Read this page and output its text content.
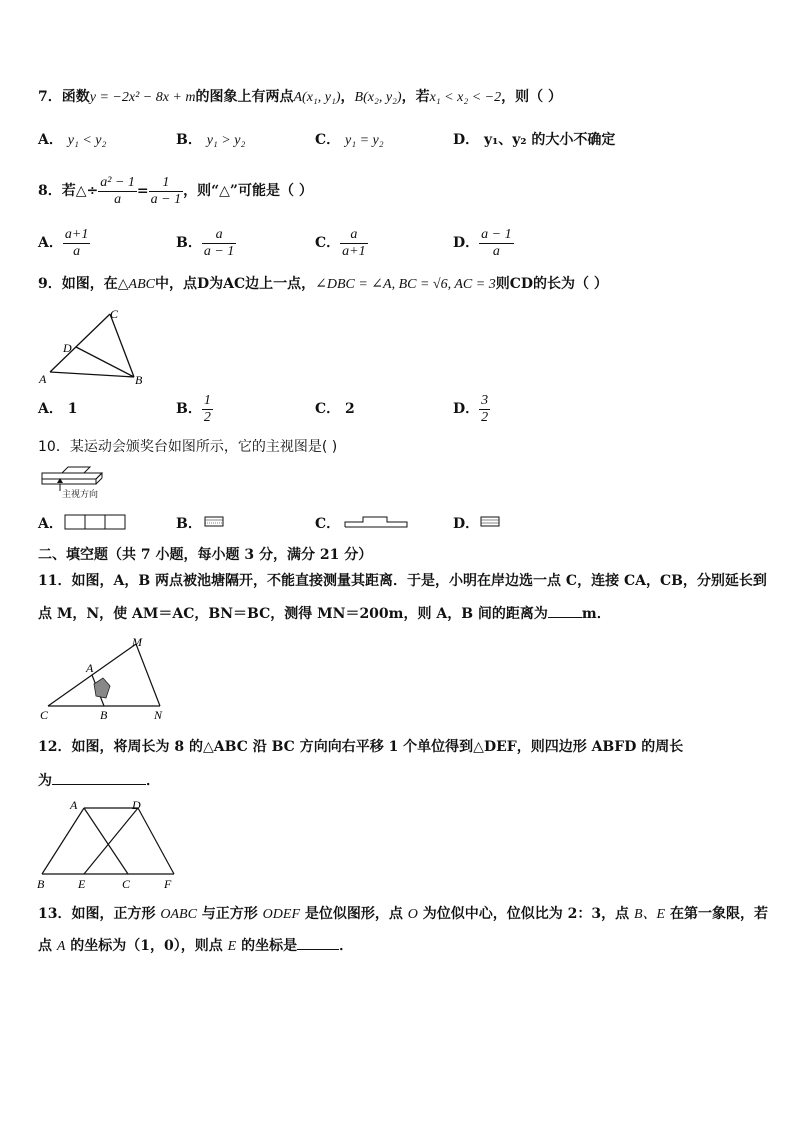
7．函数y = −2x² − 8x + m的图象上有两点A(x₁, y₁)，B(x₂, y₂)，若x₁ < x₂ < −2，则（ ）
A． y₁ < y₂	B． y₁ > y₂	C． y₁ = y₂	D． y₁、y₂ 的大小不确定
8．若△÷ $\frac{\text{a² − 1}}{a} = \frac{1}{a - 1}$ ，则“△”可能是（ ）
A． $\frac{a+1}{a}$	B． $\frac{a}{a - 1}$	C． $\frac{a}{a+1}$	D． $\frac{a - 1}{a}$
9．如图，在△ABC中，点D为AC边上一点，∠DBC = ∠A, BC = √6, AC = 3则CD的长为（ ）
C
D
A	B
A． 1	B． $\frac{1}{2}$	C． 2	D． $\frac{3}{2}$
10．某运动会颁奖台如图所示，它的主视图是( )
主视方向
A．	B．	C．	D．
二、填空题（共 7 小题，每小题 3 分，满分 21 分）
11．如图，A，B 两点被池塘隔开，不能直接测量其距离．于是，小明在岸边选一点 C，连接 CA，CB，分别延长到
点 M，N，使 AM＝AC，BN＝BC，测得 MN＝200m，则 A，B 间的距离为 m．
M
A
C	B	N
12．如图，将周长为 8 的△ABC 沿 BC 方向向右平移 1 个单位得到△DEF，则四边形 ABFD 的周长
为	．
A	D
B	E	C	F
13．如图，正方形 OABC 与正方形 ODEF 是位似图形，点 O 为位似中心，位似比为 2：3，点 B、E 在第一象限，若
点 A 的坐标为（1，0），则点 E 的坐标是	．
